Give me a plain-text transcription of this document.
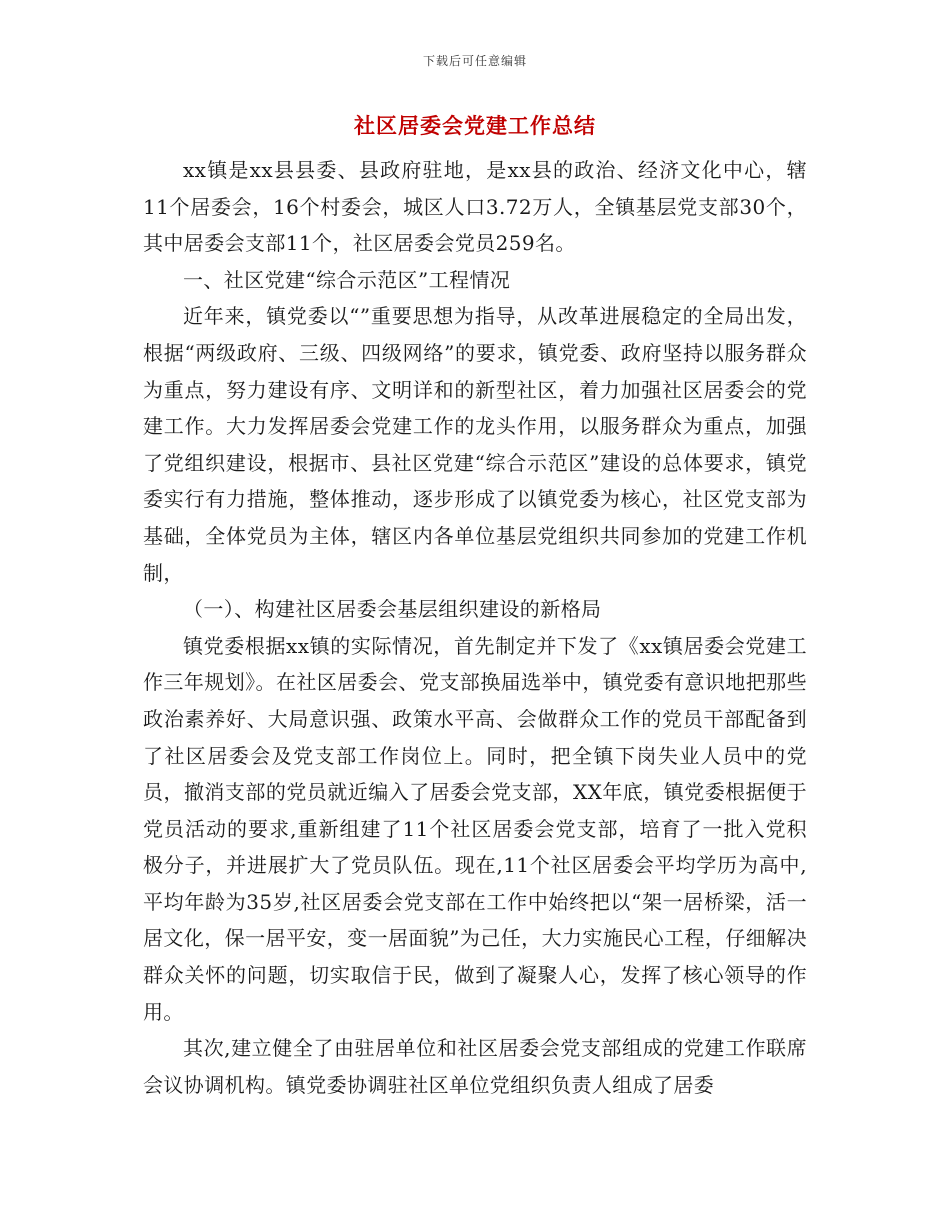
下载后可任意编辑
社区居委会党建工作总结

xx镇是xx县县委、县政府驻地，是xx县的政治、经济文化中心，辖11个居委会，16个村委会，城区人口3.72万人，全镇基层党支部30个，其中居委会支部11个，社区居委会党员259名。

一、社区党建“综合示范区”工程情况

近年来，镇党委以“”重要思想为指导，从改革进展稳定的全局出发，根据“两级政府、三级、四级网络”的要求，镇党委、政府坚持以服务群众为重点，努力建设有序、文明详和的新型社区，着力加强社区居委会的党建工作。大力发挥居委会党建工作的龙头作用，以服务群众为重点，加强了党组织建设，根据市、县社区党建“综合示范区”建设的总体要求，镇党委实行有力措施，整体推动，逐步形成了以镇党委为核心，社区党支部为基础，全体党员为主体，辖区内各单位基层党组织共同参加的党建工作机制，

（一）、构建社区居委会基层组织建设的新格局

镇党委根据xx镇的实际情况，首先制定并下发了《xx镇居委会党建工作三年规划》。在社区居委会、党支部换届选举中，镇党委有意识地把那些政治素养好、大局意识强、政策水平高、会做群众工作的党员干部配备到了社区居委会及党支部工作岗位上。同时，把全镇下岗失业人员中的党员，撤消支部的党员就近编入了居委会党支部，XX年底，镇党委根据便于党员活动的要求,重新组建了11个社区居委会党支部，培育了一批入党积极分子，并进展扩大了党员队伍。现在,11个社区居委会平均学历为高中,平均年龄为35岁,社区居委会党支部在工作中始终把以“架一居桥梁，活一居文化，保一居平安，变一居面貌”为己任，大力实施民心工程，仔细解决群众关怀的问题，切实取信于民，做到了凝聚人心，发挥了核心领导的作用。

其次,建立健全了由驻居单位和社区居委会党支部组成的党建工作联席会议协调机构。镇党委协调驻社区单位党组织负责人组成了居委
